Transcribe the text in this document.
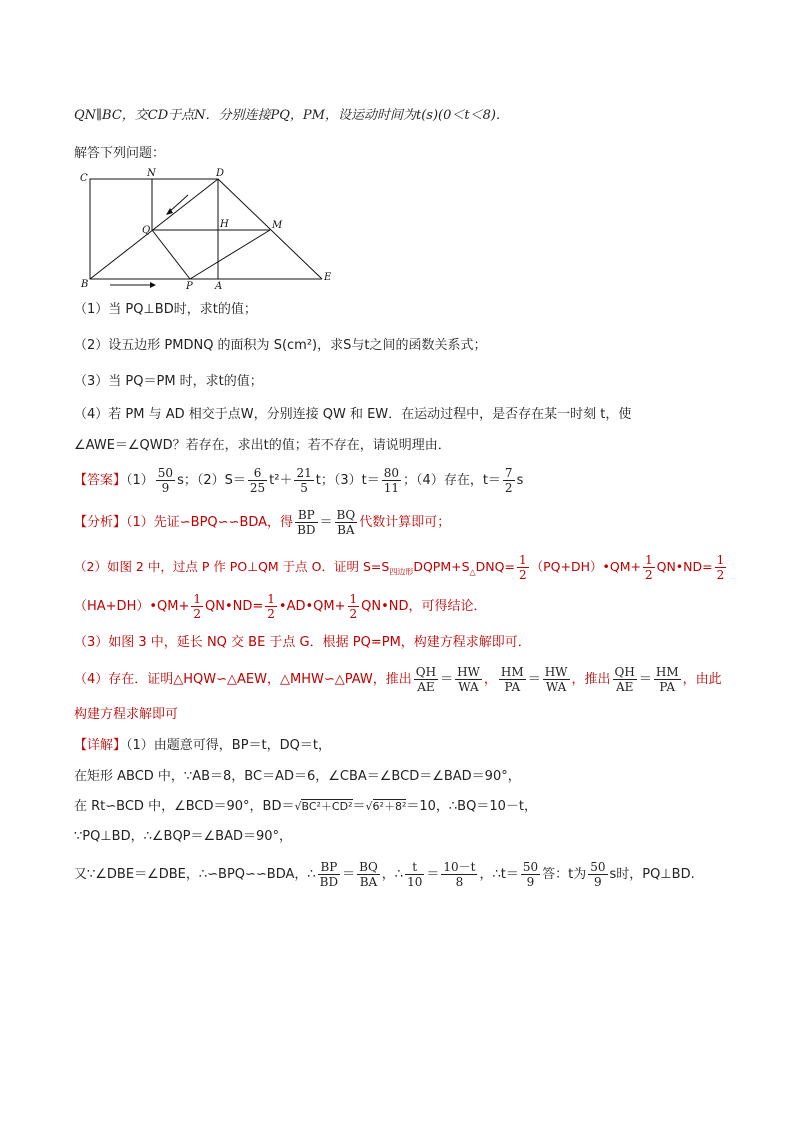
QN∥BC，交CD于点N．分别连接PQ，PM，设运动时间为t(s)(0＜t＜8)．
解答下列问题：
C	N	D
Q
H	M
B	P A
E
（1）当 PQ⊥BD时，求t的值；
（2）设五边形 PMDNQ 的面积为 S(cm²)，求S与t之间的函数关系式；
（3）当 PQ＝PM 时，求t的值；
（4）若 PM 与 AD 相交于点W，分别连接 QW 和 EW．在运动过程中，是否存在某一时刻 t，使
∠AWE＝∠QWD？若存在，求出t的值；若不存在，请说明理由．
【答案】$(1) \frac{50}{9}$ s；$(2)S= \frac{6}{25} t^2+ \frac{21}{5}$ t；$(3)t= \frac{80}{11}$ ；（4）存在，$t= \frac{7}{2}$ s
【分析】（1）先证∽BPQ∽∽BDA，得 $\frac{BP}{BD} = \frac{BQ}{BA}$ 代数计算即可；
（2）如图 2 中，过点 P 作 PO⊥QM 于点 O．证明 $S=S_{四边形}DQPM+S_\triangle DNQ= \frac{1}{2}$ （PQ+DH）•QM+ $\frac{1}{2}$ QN•ND= $\frac{1}{2}$
（HA+DH）•QM+ $\frac{1}{2}$ QN•ND= $\frac{1}{2}$ •AD•QM+ $\frac{1}{2}$ QN•ND，可得结论．
（3）如图 3 中，延长 NQ 交 BE 于点 G．根据 PQ=PM，构建方程求解即可．
（4）存在．证明△HQW∽△AEW，△MHW∽△PAW，推出 $\frac{QH}{AE} = \frac{HW}{WA}$ ， $\frac{HM}{PA} = \frac{HW}{WA}$ ，推出 $\frac{QH}{AE} = \frac{HM}{PA}$ ，由此
构建方程求解即可
【详解】（1）由题意可得，BP＝t，DQ＝t，
在矩形 ABCD 中，∵AB＝8，BC＝AD＝6，∠CBA＝∠BCD＝∠BAD＝90°，
在 Rt∽BCD 中，∠BCD＝90°，BD＝√BC²＋CD²＝√6²＋8²＝10，∴BQ＝10－t，
∵PQ⊥BD，∴∠BQP＝∠BAD＝90°，
又∵∠DBE＝∠DBE，∴∽BPQ∽∽BDA，∴ $\frac{BP}{BD} = \frac{BQ}{BA}$ ，∴ $\frac{t}{10} = \frac{10-t}{8}$ ，∴t＝ $\frac{50}{9}$ 答：t为 $\frac{50}{9}$ s时，PQ⊥BD.
